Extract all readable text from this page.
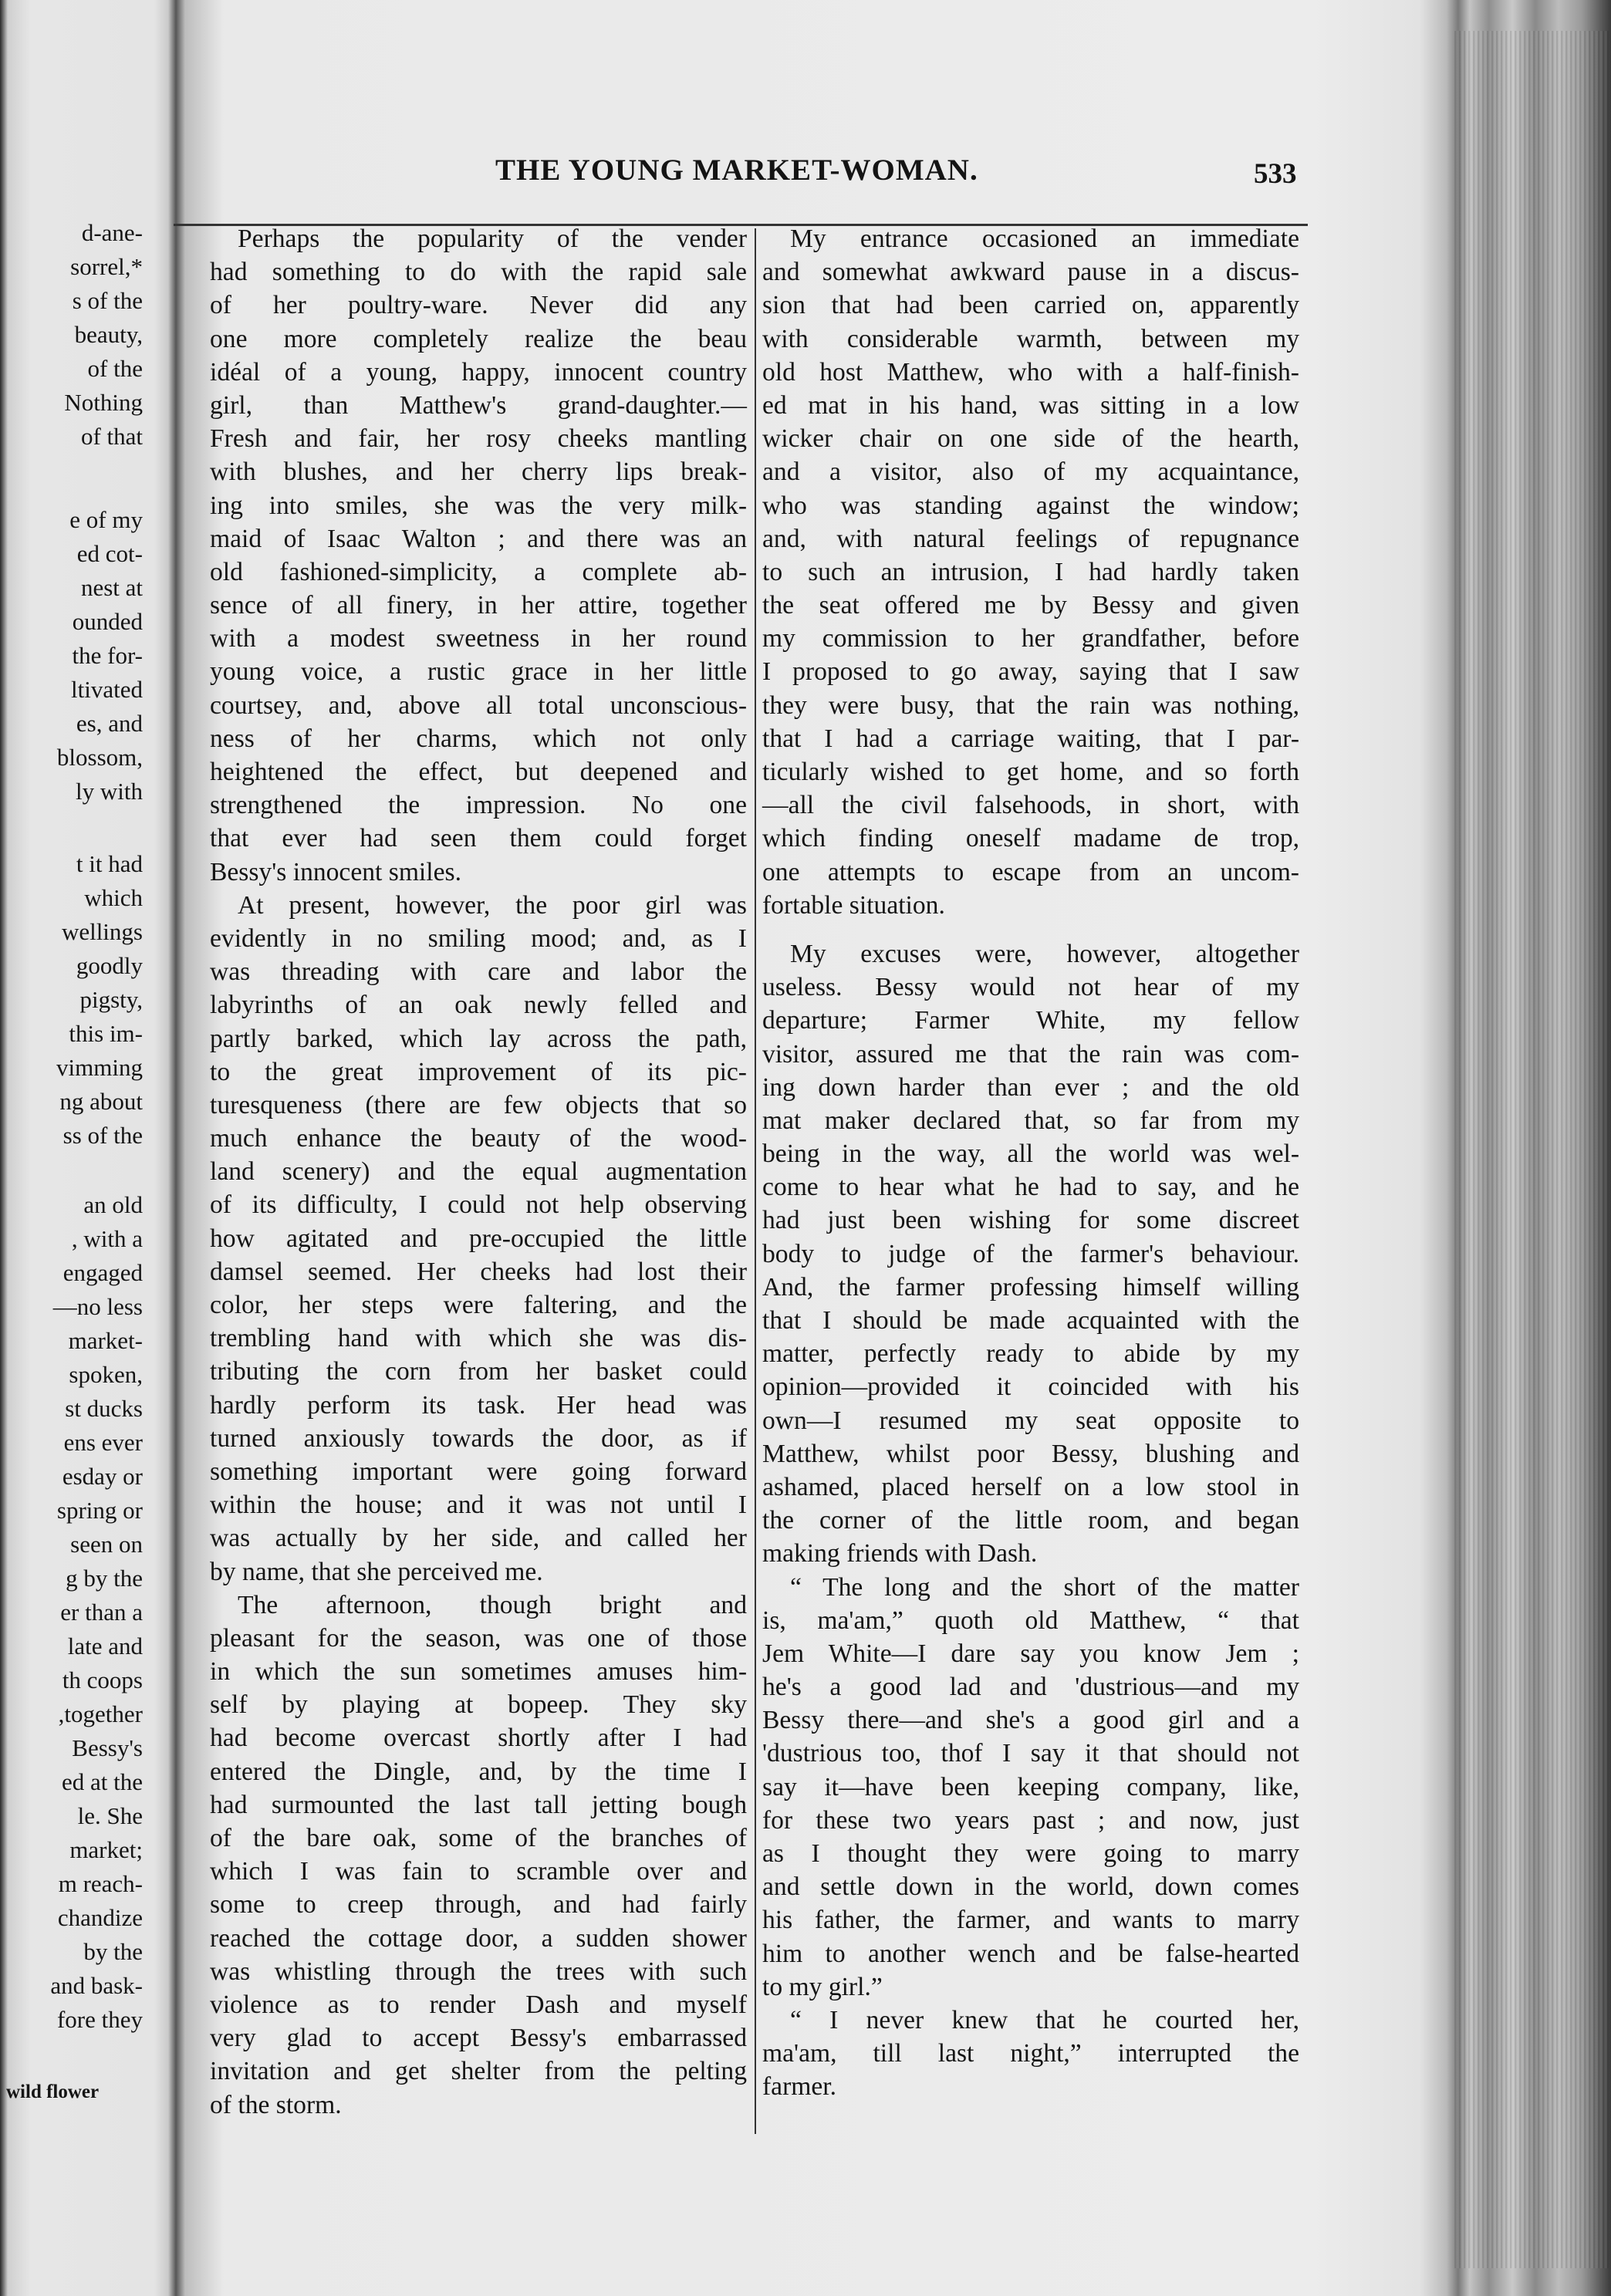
d-ane-
sorrel,*
s of the
beauty,
of the
Nothing
of that
e of my
ed cot-
nest at
ounded
the for-
ltivated
es, and
blossom,
ly with
t it had
which
wellings
goodly
pigsty,
this im-
vimming
ng about
ss of the
an old
, with a
engaged
—no less
market-
spoken,
st ducks
ens ever
esday or
spring or
seen on
g by the
er than a
late and
th coops
,together
Bessy's
ed at the
le. She
market;
m reach-
chandize
by the
and bask-
fore they
wild flower
THE YOUNG MARKET-WOMAN.	533
Perhaps the popularity of the vender
had something to do with the rapid sale
of her poultry-ware. Never did any
one more completely realize the beau
idéal of a young, happy, innocent country
girl, than Matthew's grand-daughter.—
Fresh and fair, her rosy cheeks mantling
with blushes, and her cherry lips break-
ing into smiles, she was the very milk-
maid of Isaac Walton ; and there was an
old fashioned-simplicity, a complete ab-
sence of all finery, in her attire, together
with a modest sweetness in her round
young voice, a rustic grace in her little
courtsey, and, above all total unconscious-
ness of her charms, which not only
heightened the effect, but deepened and
strengthened the impression. No one
that ever had seen them could forget
Bessy's innocent smiles.
At present, however, the poor girl was
evidently in no smiling mood; and, as I
was threading with care and labor the
labyrinths of an oak newly felled and
partly barked, which lay across the path,
to the great improvement of its pic-
turesqueness (there are few objects that so
much enhance the beauty of the wood-
land scenery) and the equal augmentation
of its difficulty, I could not help observing
how agitated and pre-occupied the little
damsel seemed. Her cheeks had lost their
color, her steps were faltering, and the
trembling hand with which she was dis-
tributing the corn from her basket could
hardly perform its task. Her head was
turned anxiously towards the door, as if
something important were going forward
within the house; and it was not until I
was actually by her side, and called her
by name, that she perceived me.
The afternoon, though bright and
pleasant for the season, was one of those
in which the sun sometimes amuses him-
self by playing at bopeep. They sky
had become overcast shortly after I had
entered the Dingle, and, by the time I
had surmounted the last tall jetting bough
of the bare oak, some of the branches of
which I was fain to scramble over and
some to creep through, and had fairly
reached the cottage door, a sudden shower
was whistling through the trees with such
violence as to render Dash and myself
very glad to accept Bessy's embarrassed
invitation and get shelter from the pelting
of the storm.
My entrance occasioned an immediate
and somewhat awkward pause in a discus-
sion that had been carried on, apparently
with considerable warmth, between my
old host Matthew, who with a half-finish-
ed mat in his hand, was sitting in a low
wicker chair on one side of the hearth,
and a visitor, also of my acquaintance,
who was standing against the window;
and, with natural feelings of repugnance
to such an intrusion, I had hardly taken
the seat offered me by Bessy and given
my commission to her grandfather, before
I proposed to go away, saying that I saw
they were busy, that the rain was nothing,
that I had a carriage waiting, that I par-
ticularly wished to get home, and so forth
—all the civil falsehoods, in short, with
which finding oneself madame de trop,
one attempts to escape from an uncom-
fortable situation.
My excuses were, however, altogether
useless. Bessy would not hear of my
departure; Farmer White, my fellow
visitor, assured me that the rain was com-
ing down harder than ever ; and the old
mat maker declared that, so far from my
being in the way, all the world was wel-
come to hear what he had to say, and he
had just been wishing for some discreet
body to judge of the farmer's behaviour.
And, the farmer professing himself willing
that I should be made acquainted with the
matter, perfectly ready to abide by my
opinion—provided it coincided with his
own—I resumed my seat opposite to
Matthew, whilst poor Bessy, blushing and
ashamed, placed herself on a low stool in
the corner of the little room, and began
making friends with Dash.
“ The long and the short of the matter
is, ma'am,” quoth old Matthew, “ that
Jem White—I dare say you know Jem ;
he's a good lad and 'dustrious—and my
Bessy there—and she's a good girl and a
'dustrious too, thof I say it that should not
say it—have been keeping company, like,
for these two years past ; and now, just
as I thought they were going to marry
and settle down in the world, down comes
his father, the farmer, and wants to marry
him to another wench and be false-hearted
to my girl.”
“ I never knew that he courted her,
ma'am, till last night,” interrupted the
farmer.
